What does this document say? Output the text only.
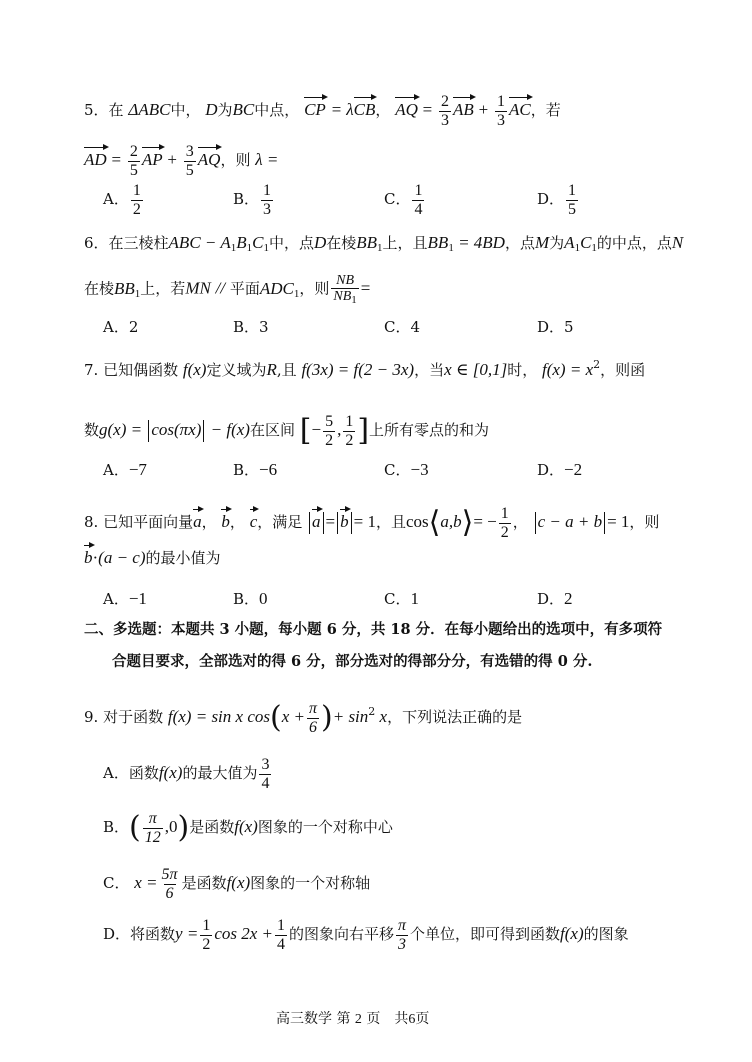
5．在 ΔABC中， D为BC中点， CP = λCB， AQ = $\frac{2}{3}$ AB + $\frac{1}{3}$ AC，若
AD = $\frac{2}{5}$ AP + $\frac{3}{5}$ AQ，则 λ =
A． $\frac{1}{2}$	B． $\frac{1}{3}$	C． $\frac{1}{4}$	D． $\frac{1}{5}$
6．在三棱柱ABC − $A_1B_1C_1$中，点D在棱$BB_1$上，且$BB_1 = 4BD$，点M为$A_1C_1$的中点，点N
在棱$BB_1$上，若MN // 平面$ADC_1$，则 $\frac{NB}{NB_1}$ =
A．2	B．3	C．4	D．5
7. 已知偶函数 f(x)定义域为R,且 f(3x) = f(2 − 3x)，当x ∈ [0,1]时， $f(x) = x^2$，则函
数g(x) = cos(πx) − f(x)在区间 [− $\frac{5}{2}$ , $\frac{1}{2}$ ]上所有零点的和为
A．−7	B．−6	C．−3	D．−2
8. 已知平面向量a， b， c，满足 a = b = 1，且cos⟨a,b⟩= − $\frac{1}{2}$ ， c − a + b = 1，则
b·(a − c)的最小值为
A．−1	B．0	C．1	D．2
二、多选题：本题共 3 小题，每小题 6 分，共 18 分．在每小题给出的选项中，有多项符
合题目要求，全部选对的得 6 分，部分选对的得部分分，有选错的得 0 分.
9. 对于函数 f(x) = sin x $\cos(x + \frac{\pi}{6}$ )+ $\sin^2 x$，下列说法正确的是
A．函数f(x)的最大值为 $\frac{3}{4}$
B．( $\frac{\pi}{12} ,0$)是函数f(x)图象的一个对称中心
C． $x = \frac{5\pi}{6}$ 是函数f(x)图象的一个对称轴
D．将函数$y = \frac{1}{2}$ $\cos 2x + \frac{1}{4}$ 的图象向右平移 $\frac{\pi}{3}$ 个单位，即可得到函数f(x)的图象
高三数学 第 2 页　共6页
